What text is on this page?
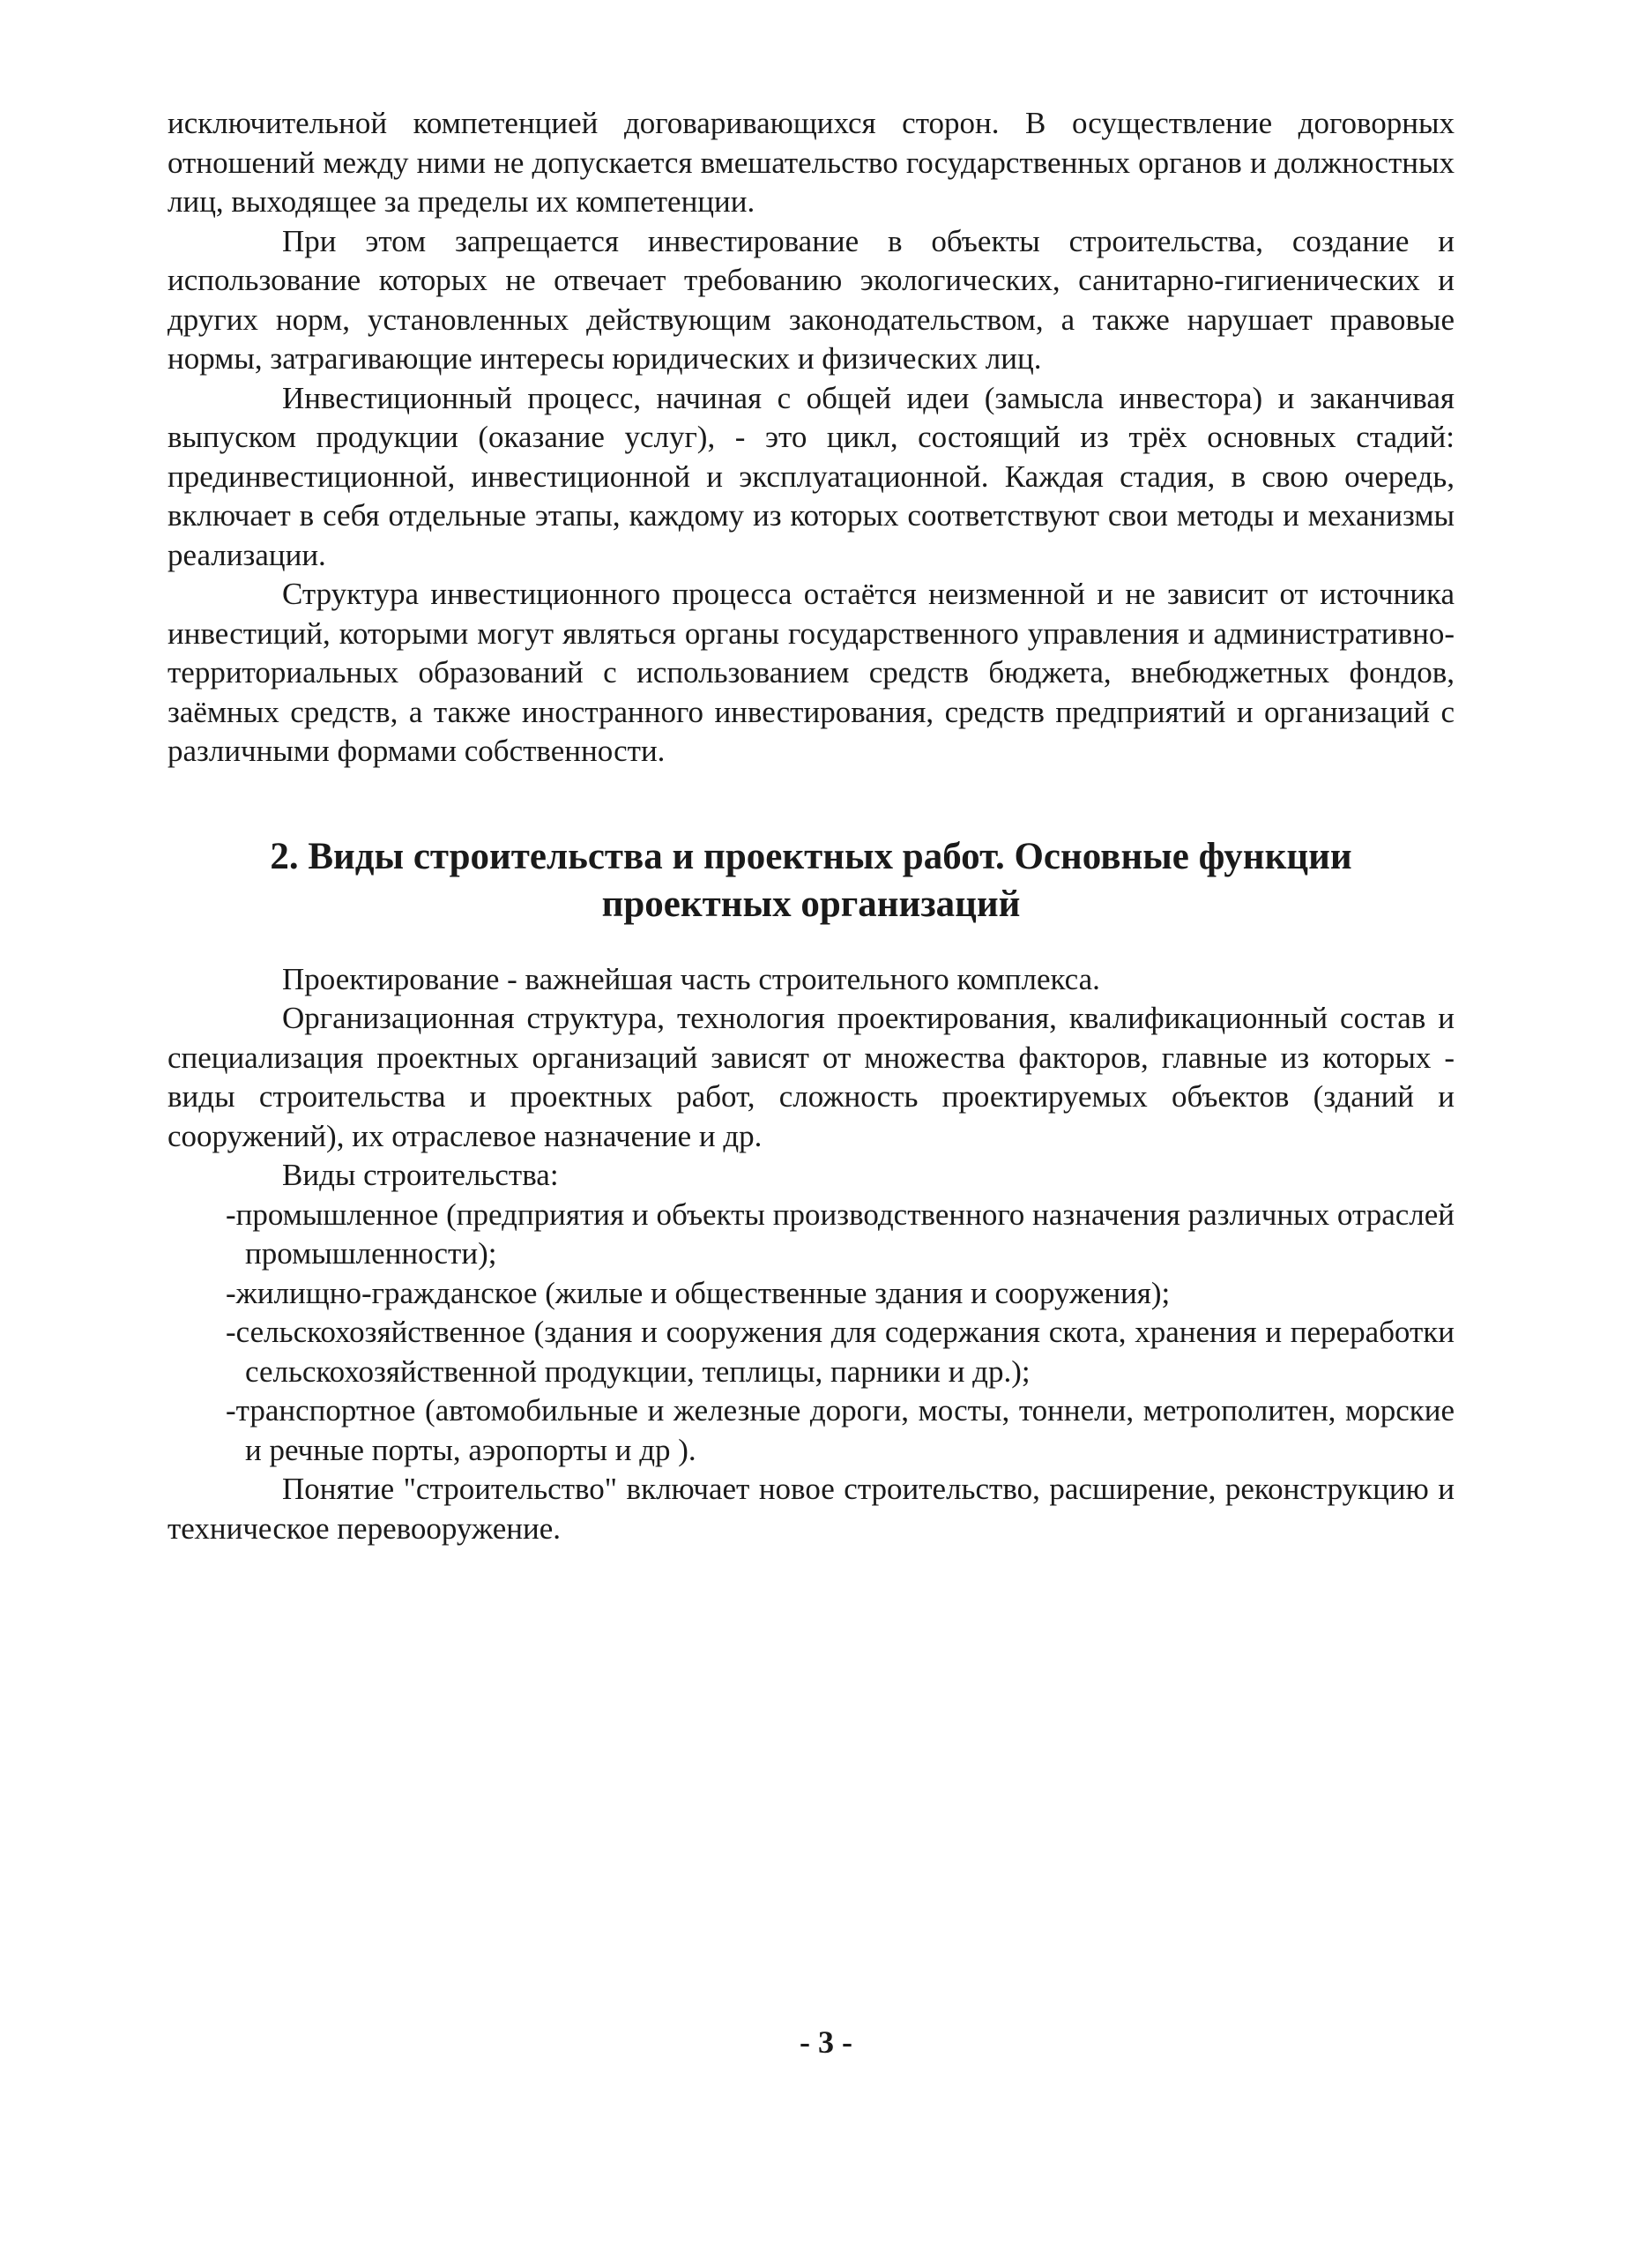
исключительной компетенцией договаривающихся сторон. В осуществление договорных отношений между ними не допускается вмешательство государственных органов и должностных лиц, выходящее за пределы их компетенции.

При этом запрещается инвестирование в объекты строительства, создание и использование которых не отвечает требованию экологических, санитарно-гигиенических и других норм, установленных действующим законодательством, а также нарушает правовые нормы, затрагивающие интересы юридических и физических лиц.

Инвестиционный процесс, начиная с общей идеи (замысла инвестора) и заканчивая выпуском продукции (оказание услуг), - это цикл, состоящий из трёх основных стадий: прединвестиционной, инвестиционной и эксплуатационной. Каждая стадия, в свою очередь, включает в себя отдельные этапы, каждому из которых соответствуют свои методы и механизмы реализации.

Структура инвестиционного процесса остаётся неизменной и не зависит от источника инвестиций, которыми могут являться органы государственного управления и административно-территориальных образований с использованием средств бюджета, внебюджетных фондов, заёмных средств, а также иностранного инвестирования, средств предприятий и организаций с различными формами собственности.

2. Виды строительства и проектных работ. Основные функции
проектных организаций

Проектирование - важнейшая часть строительного комплекса.

Организационная структура, технология проектирования, квалификационный состав и специализация проектных организаций зависят от множества факторов, главные из которых - виды строительства и проектных работ, сложность проектируемых объектов (зданий и сооружений), их отраслевое назначение и др.

Виды строительства:

-промышленное (предприятия и объекты производственного назначения различных отраслей промышленности);
-жилищно-гражданское (жилые и общественные здания и сооружения);
-сельскохозяйственное (здания и сооружения для содержания скота, хранения и переработки сельскохозяйственной продукции, теплицы, парники и др.);
-транспортное (автомобильные и железные дороги, мосты, тоннели, метрополитен, морские и речные порты, аэропорты и др ).

Понятие "строительство" включает новое строительство, расширение, реконструкцию и техническое перевооружение.

- 3 -
